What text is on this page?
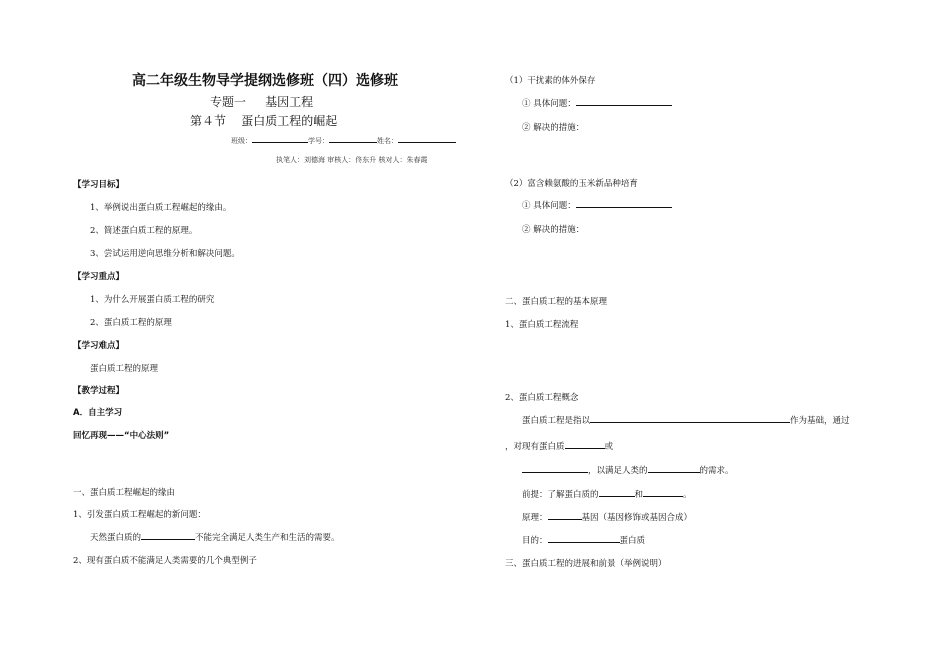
高二年级生物导学提纲选修班（四）选修班
专题一     基因工程
第４节    蛋白质工程的崛起
班级：	学号：	姓名：
执笔人：刘德海 审核人：佟东升 核对人：朱春霞
【学习目标】
1、举例说出蛋白质工程崛起的缘由。
2、简述蛋白质工程的原理。
3、尝试运用逆向思维分析和解决问题。
【学习重点】
1、为什么开展蛋白质工程的研究
2、蛋白质工程的原理
【学习难点】
蛋白质工程的原理
【教学过程】
A．自主学习
回忆再现——“中心法则”
一、蛋白质工程崛起的缘由
1、引发蛋白质工程崛起的新问题：
天然蛋白质的	不能完全满足人类生产和生活的需要。
2、现有蛋白质不能满足人类需要的几个典型例子
（1）干扰素的体外保存
① 具体问题：
② 解决的措施：
（2）富含赖氨酸的玉米新品种培育
① 具体问题：
② 解决的措施：
二、蛋白质工程的基本原理
1、蛋白质工程流程
2、蛋白质工程概念
蛋白质工程是指以	作为基础，通过
，对现有蛋白质	或
，以满足人类的	的需求。
前提：了解蛋白质的	和	。
原理：	基因（基因修饰或基因合成）
目的：	蛋白质
三、蛋白质工程的进展和前景（举例说明）
